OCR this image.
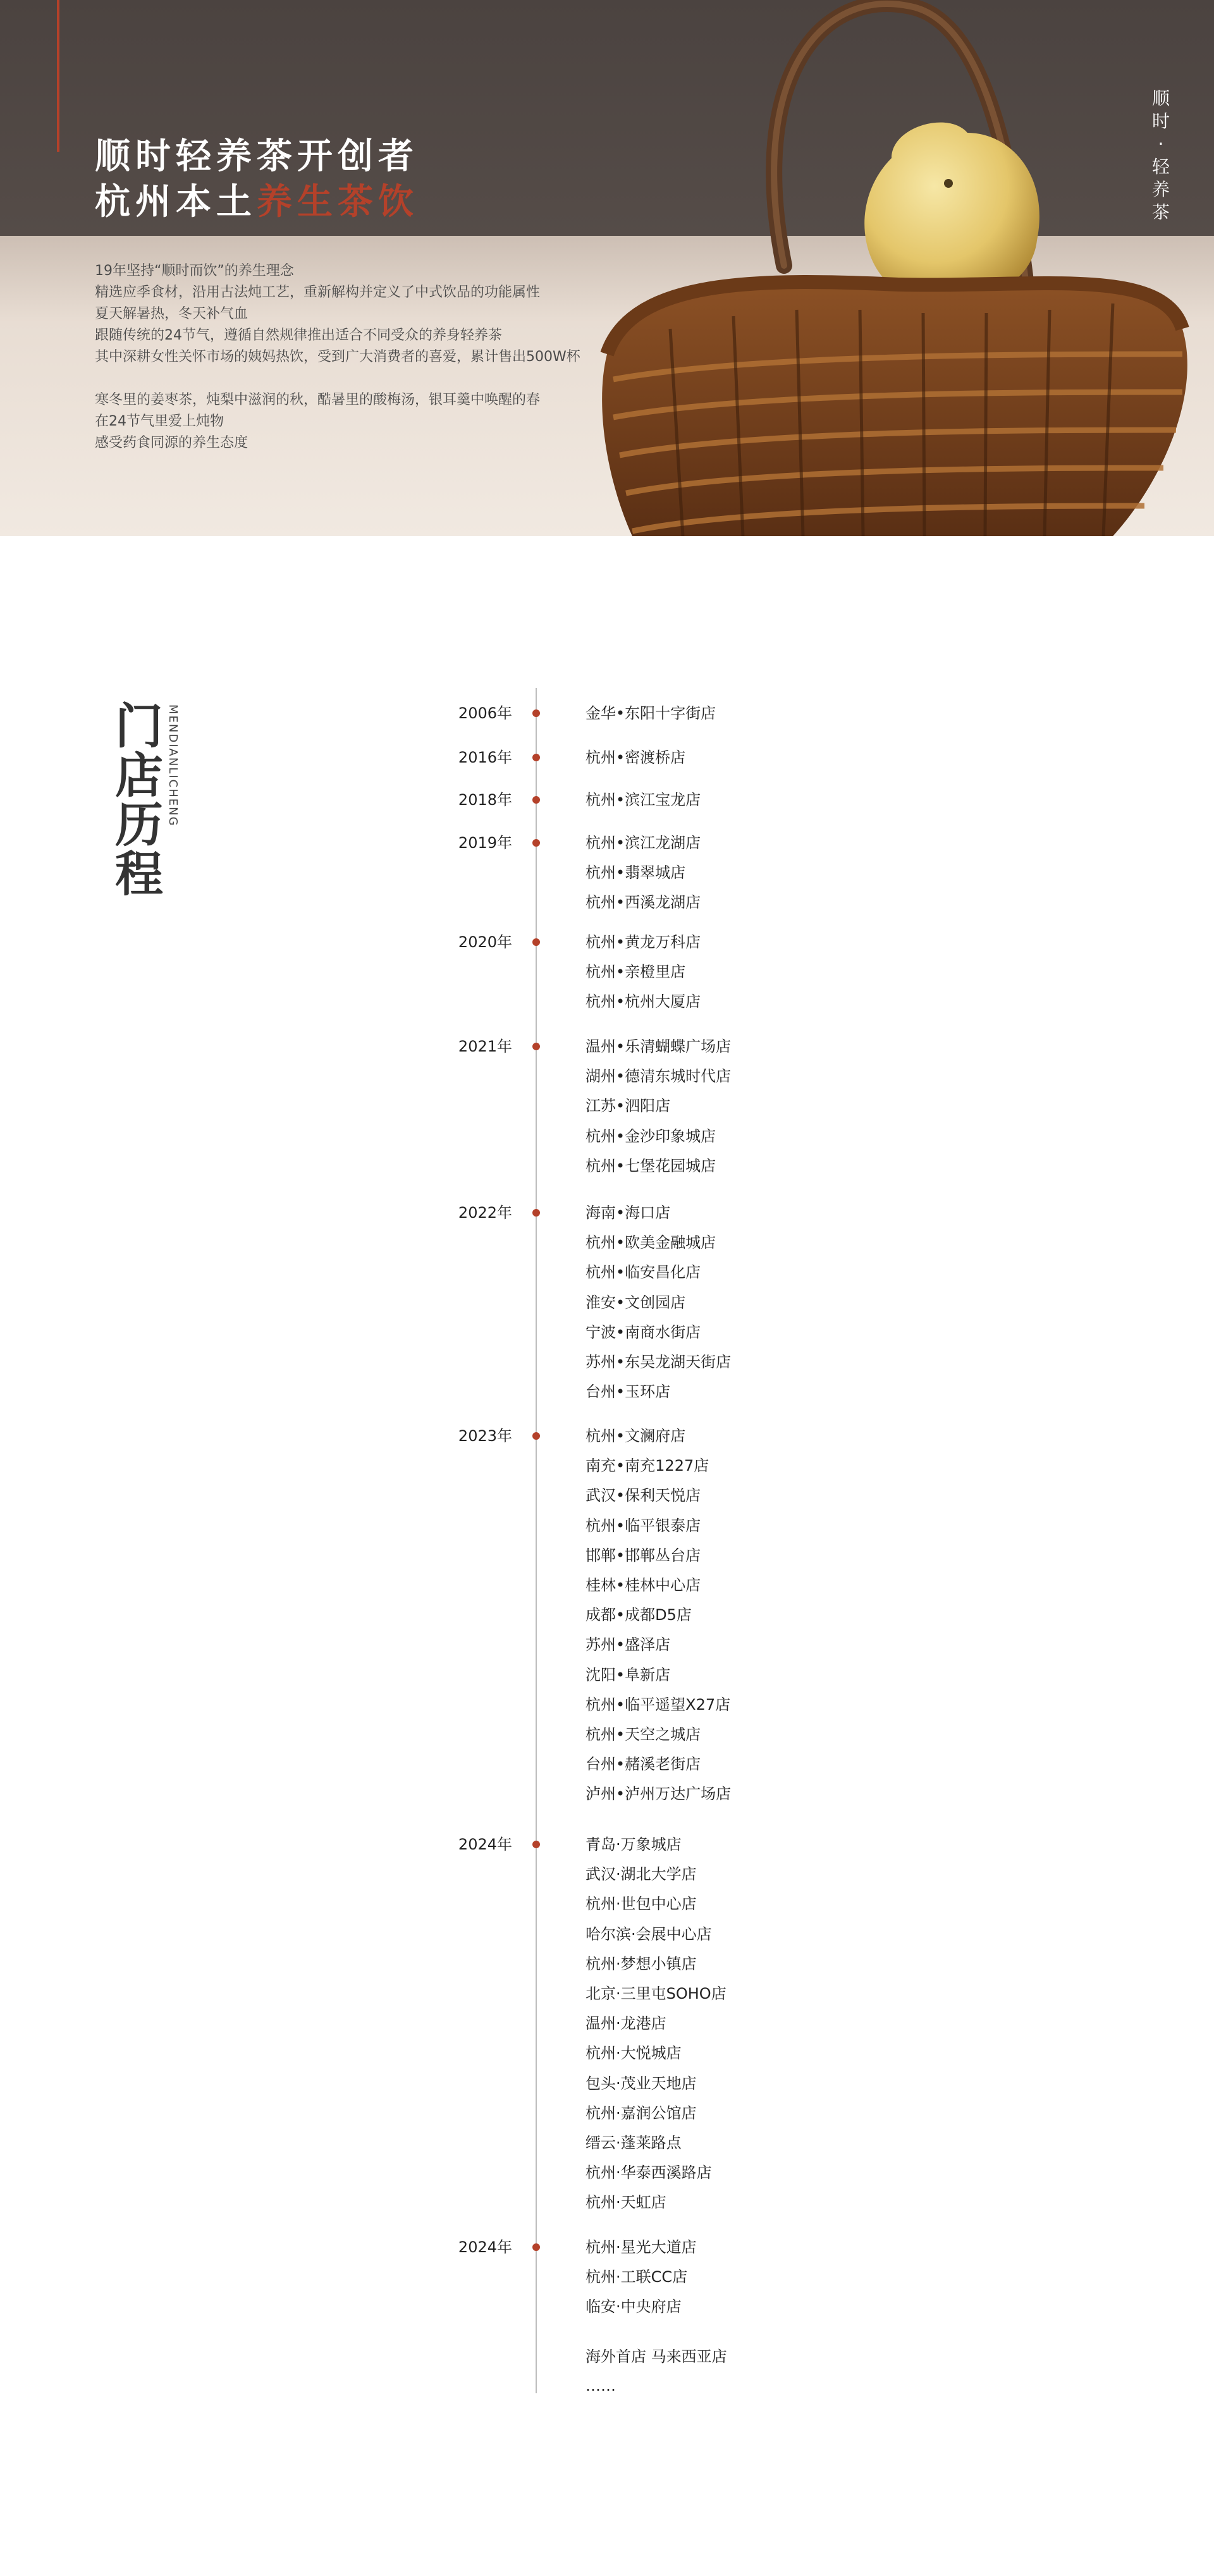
顺时轻养茶开创者
杭州本土养生茶饮

19年坚持“顺时而饮”的养生理念

精选应季食材，沿用古法炖工艺，重新解构并定义了中式饮品的功能属性

夏天解暑热，冬天补气血

跟随传统的24节气，遵循自然规律推出适合不同受众的养身轻养茶

其中深耕女性关怀市场的姨妈热饮，受到广大消费者的喜爱，累计售出500W杯

寒冬里的姜枣茶，炖梨中滋润的秋，酷暑里的酸梅汤，银耳羹中唤醒的春

在24节气里爱上炖物

感受药食同源的养生态度

顺
时
·
轻
养
茶
门
店
历
程
MENDIANLICHENG	2006年	金华•东阳十字街店
2016年	杭州•密渡桥店
2018年	杭州•滨江宝龙店
2019年	杭州•滨江龙湖店
杭州•翡翠城店
杭州•西溪龙湖店
2020年	杭州•黄龙万科店
杭州•亲橙里店
杭州•杭州大厦店
2021年	温州•乐清蝴蝶广场店
湖州•德清东城时代店
江苏•泗阳店
杭州•金沙印象城店
杭州•七堡花园城店
2022年	海南•海口店
杭州•欧美金融城店
杭州•临安昌化店
淮安•文创园店
宁波•南商水街店
苏州•东吴龙湖天街店
台州•玉环店
2023年	杭州•文澜府店
南充•南充1227店
武汉•保利天悦店
杭州•临平银泰店
邯郸•邯郸丛台店
桂林•桂林中心店
成都•成都D5店
苏州•盛泽店
沈阳•阜新店
杭州•临平遥望X27店
杭州•天空之城店
台州•赭溪老街店
泸州•泸州万达广场店
2024年	青岛·万象城店
武汉·湖北大学店
杭州·世包中心店
哈尔滨·会展中心店
杭州·梦想小镇店
北京·三里屯SOHO店
温州·龙港店
杭州·大悦城店
包头·茂业天地店
杭州·嘉润公馆店
缙云·蓬莱路点
杭州·华泰西溪路店
杭州·天虹店
2024年	杭州·星光大道店
杭州·工联CC店
临安·中央府店
海外首店 马来西亚店
……
